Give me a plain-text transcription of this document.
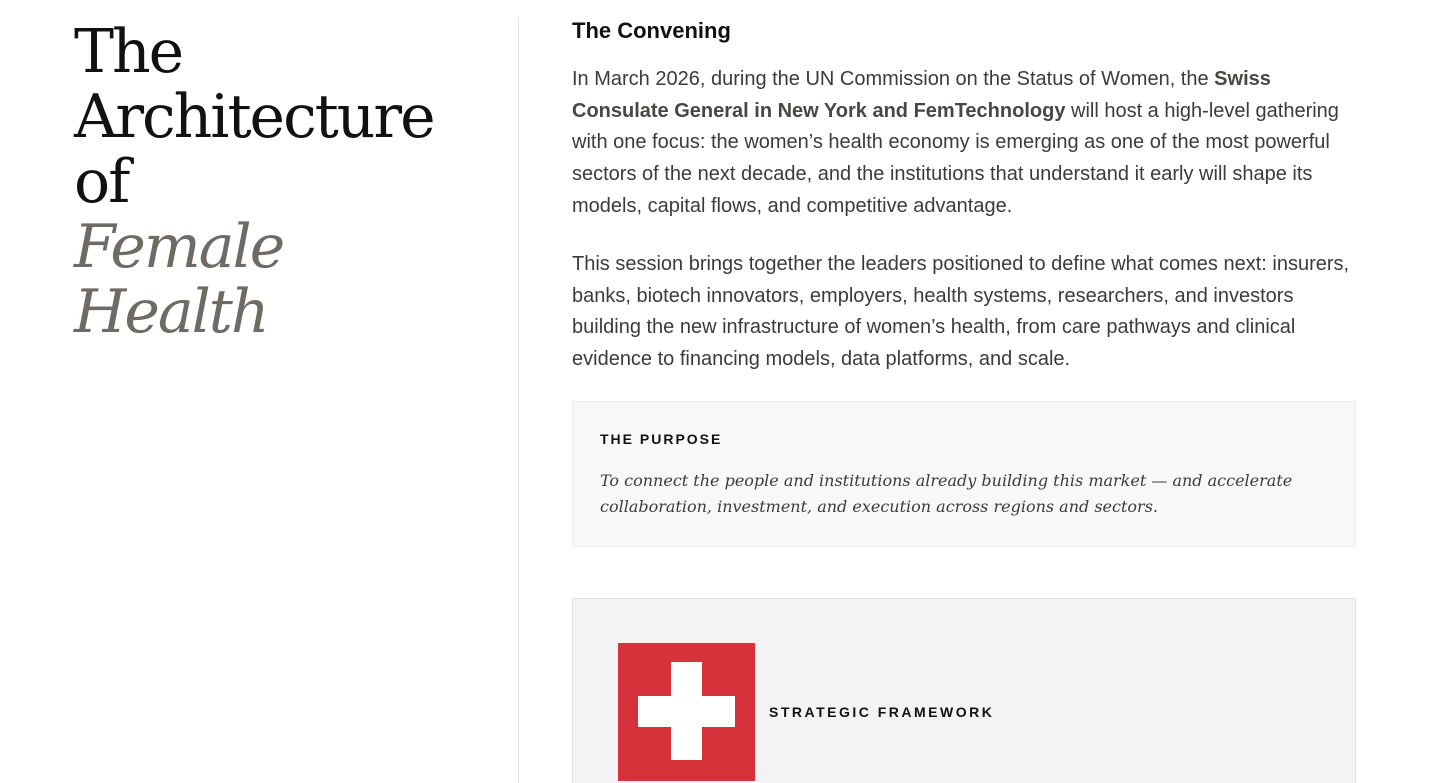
The
Architecture
of
Female
Health
The Convening

In March 2026, during the UN Commission on the Status of Women, the Swiss Consulate General in New York and FemTechnology will host a high-level gathering with one focus: the women’s health economy is emerging as one of the most powerful sectors of the next decade, and the institutions that understand it early will shape its models, capital flows, and competitive advantage.

This session brings together the leaders positioned to define what comes next: insurers, banks, biotech innovators, employers, health systems, researchers, and investors building the new infrastructure of women’s health, from care pathways and clinical evidence to financing models, data platforms, and scale.

THE PURPOSE

To connect the people and institutions already building this market — and accelerate collaboration, investment, and execution across regions and sectors.

STRATEGIC FRAMEWORK
